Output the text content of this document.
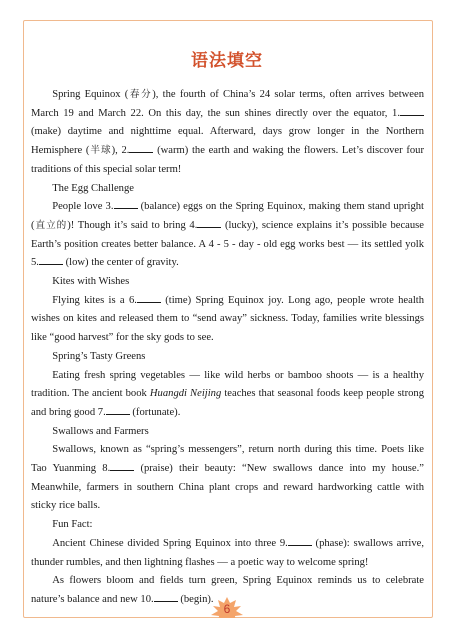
语法填空

Spring Equinox (春分), the fourth of China’s 24 solar terms, often arrives between March 19 and March 22. On this day, the sun shines directly over the equator, 1. (make) daytime and nighttime equal. Afterward, days grow longer in the Northern Hemisphere (半球), 2. (warm) the earth and waking the flowers. Let’s discover four traditions of this special solar term!

The Egg Challenge

People love 3. (balance) eggs on the Spring Equinox, making them stand upright (直立的)! Though it’s said to bring 4. (lucky), science explains it’s possible because Earth’s position creates better balance. A 4 - 5 - day - old egg works best — its settled yolk 5. (low) the center of gravity.

Kites with Wishes

Flying kites is a 6. (time) Spring Equinox joy. Long ago, people wrote health wishes on kites and released them to “send away” sickness. Today, families write blessings like “good harvest” for the sky gods to see.

Spring’s Tasty Greens

Eating fresh spring vegetables — like wild herbs or bamboo shoots — is a healthy tradition. The ancient book Huangdi Neijing teaches that seasonal foods keep people strong and bring good 7. (fortunate).

Swallows and Farmers

Swallows, known as “spring’s messengers”, return north during this time. Poets like Tao Yuanming 8. (praise) their beauty: “New swallows dance into my house.” Meanwhile, farmers in southern China plant crops and reward hardworking cattle with sticky rice balls.

Fun Fact:

Ancient Chinese divided Spring Equinox into three 9. (phase): swallows arrive, thunder rumbles, and then lightning flashes — a poetic way to welcome spring!

As flowers bloom and fields turn green, Spring Equinox reminds us to celebrate nature’s balance and new 10. (begin).

6
